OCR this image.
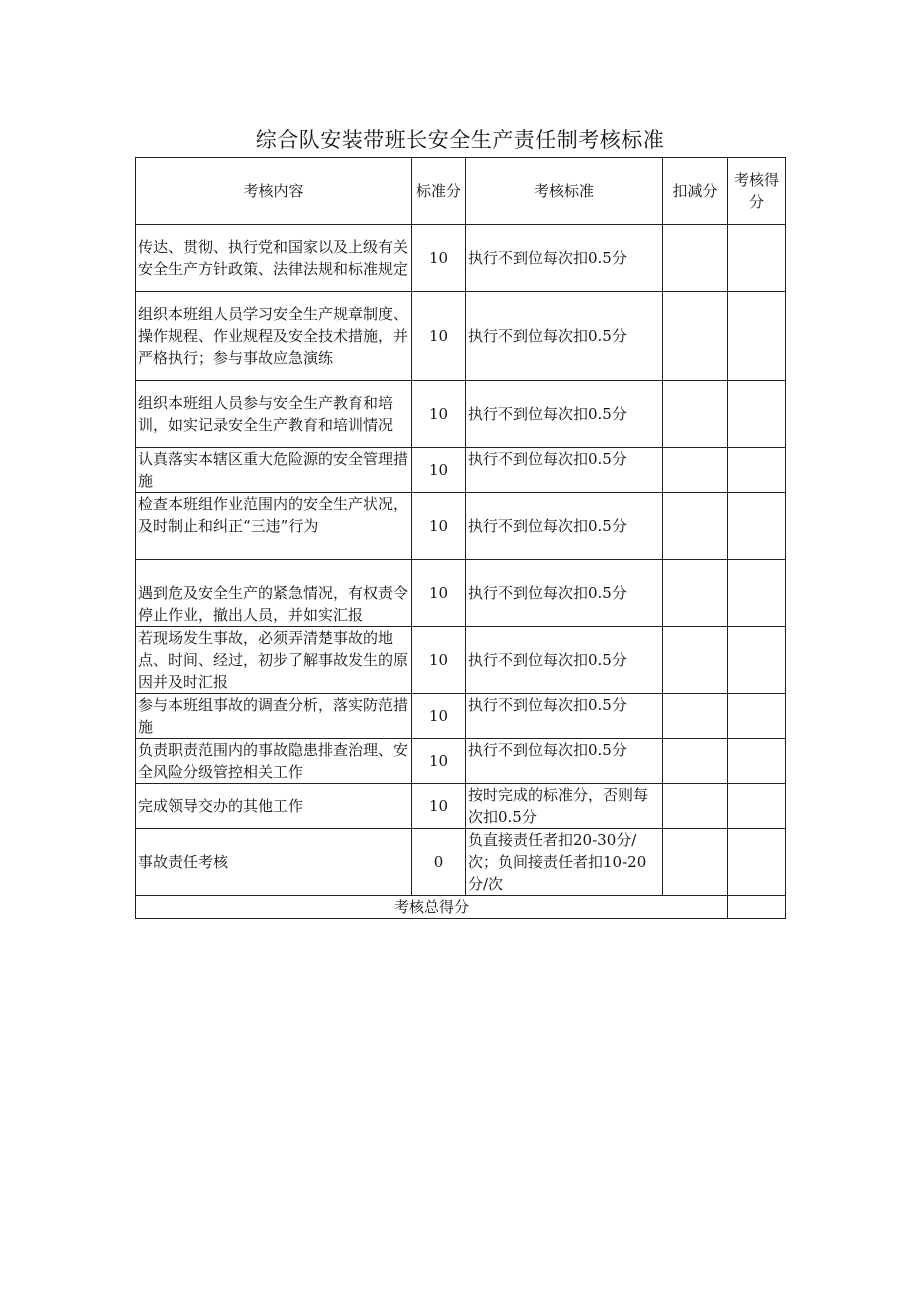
综合队安装带班长安全生产责任制考核标准
考核内容	标准分	考核标准	扣减分	考核得分
传达、贯彻、执行党和国家以及上级有关安全生产方针政策、法律法规和标准规定	10	执行不到位每次扣0.5分		
组织本班组人员学习安全生产规章制度、操作规程、作业规程及安全技术措施，并严格执行；参与事故应急演练	10	执行不到位每次扣0.5分		
组织本班组人员参与安全生产教育和培训，如实记录安全生产教育和培训情况	10	执行不到位每次扣0.5分		
认真落实本辖区重大危险源的安全管理措施	10	执行不到位每次扣0.5分		
检查本班组作业范围内的安全生产状况，及时制止和纠正“三违”行为	10	执行不到位每次扣0.5分		
遇到危及安全生产的紧急情况，有权责令停止作业，撤出人员，并如实汇报	10	执行不到位每次扣0.5分		
若现场发生事故，必须弄清楚事故的地点、时间、经过，初步了解事故发生的原因并及时汇报	10	执行不到位每次扣0.5分		
参与本班组事故的调查分析，落实防范措施	10	执行不到位每次扣0.5分		
负责职责范围内的事故隐患排查治理、安全风险分级管控相关工作	10	执行不到位每次扣0.5分		
完成领导交办的其他工作	10	按时完成的标准分，否则每次扣0.5分		
事故责任考核	0	负直接责任者扣20-30分/次；负间接责任者扣10-20分/次		
考核总得分				
